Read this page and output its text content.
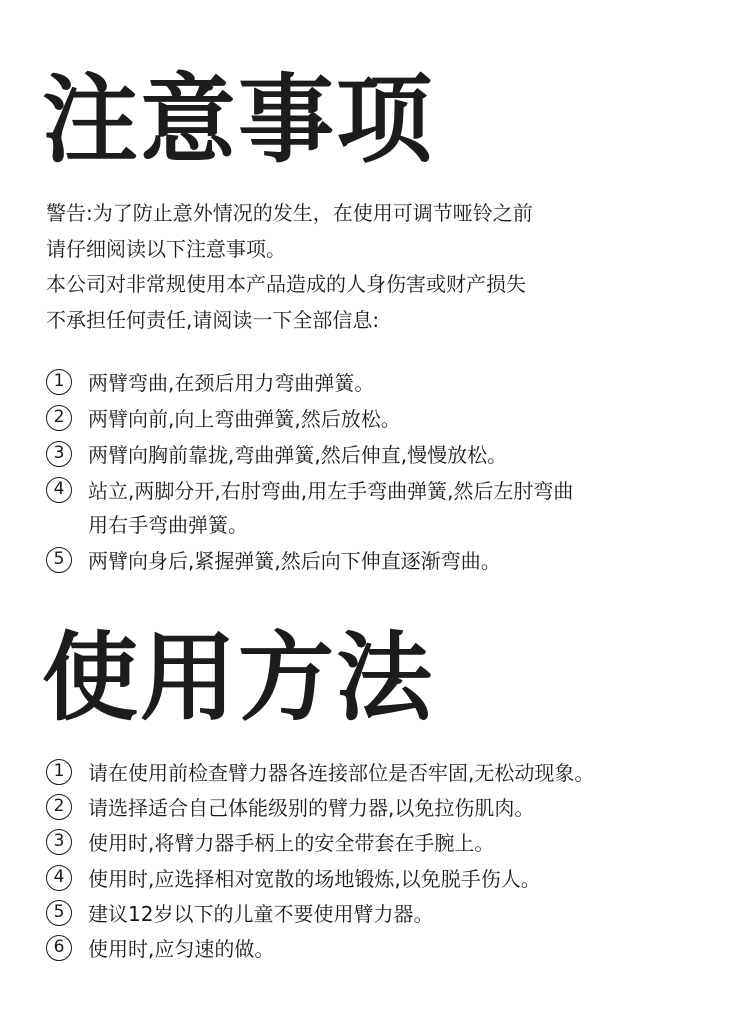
注意事项
警告:为了防止意外情况的发生，在使用可调节哑铃之前
请仔细阅读以下注意事项。
本公司对非常规使用本产品造成的人身伤害或财产损失
不承担任何责任,请阅读一下全部信息:
1	两臂弯曲,在颈后用力弯曲弹簧。
2	两臂向前,向上弯曲弹簧,然后放松。
3	两臂向胸前靠拢,弯曲弹簧,然后伸直,慢慢放松。
4	站立,两脚分开,右肘弯曲,用左手弯曲弹簧,然后左肘弯曲
用右手弯曲弹簧。
5	两臂向身后,紧握弹簧,然后向下伸直逐渐弯曲。
使用方法
1	请在使用前检查臂力器各连接部位是否牢固,无松动现象。
2	请选择适合自己体能级别的臂力器,以免拉伤肌肉。
3	使用时,将臂力器手柄上的安全带套在手腕上。
4	使用时,应选择相对宽散的场地锻炼,以免脱手伤人。
5	建议12岁以下的儿童不要使用臂力器。
6	使用时,应匀速的做。
